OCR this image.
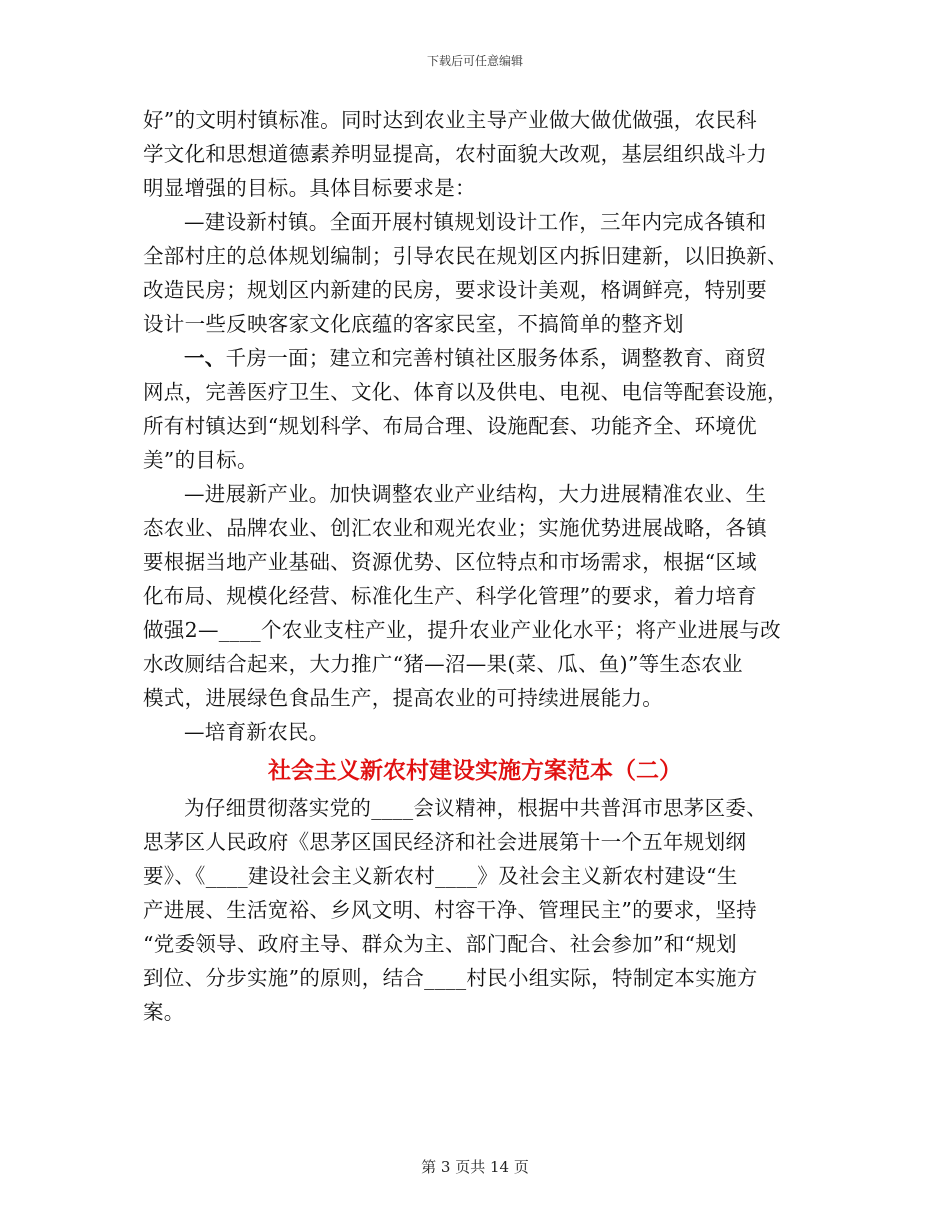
下载后可任意编辑
好”的文明村镇标准。同时达到农业主导产业做大做优做强，农民科
学文化和思想道德素养明显提高，农村面貌大改观，基层组织战斗力
明显增强的目标。具体目标要求是：
—建设新村镇。全面开展村镇规划设计工作，三年内完成各镇和
全部村庄的总体规划编制；引导农民在规划区内拆旧建新，以旧换新、
改造民房；规划区内新建的民房，要求设计美观，格调鲜亮，特别要
设计一些反映客家文化底蕴的客家民室，不搞简单的整齐划
一、千房一面；建立和完善村镇社区服务体系，调整教育、商贸
网点，完善医疗卫生、文化、体育以及供电、电视、电信等配套设施，
所有村镇达到“规划科学、布局合理、设施配套、功能齐全、环境优
美”的目标。
—进展新产业。加快调整农业产业结构，大力进展精准农业、生
态农业、品牌农业、创汇农业和观光农业；实施优势进展战略，各镇
要根据当地产业基础、资源优势、区位特点和市场需求，根据“区域
化布局、规模化经营、标准化生产、科学化管理”的要求，着力培育
做强2—____个农业支柱产业，提升农业产业化水平；将产业进展与改
水改厕结合起来，大力推广“猪—沼—果(菜、瓜、鱼)”等生态农业
模式，进展绿色食品生产，提高农业的可持续进展能力。
—培育新农民。
社会主义新农村建设实施方案范本（二）
为仔细贯彻落实党的____会议精神，根据中共普洱市思茅区委、
思茅区人民政府《思茅区国民经济和社会进展第十一个五年规划纲
要》、《____建设社会主义新农村____》及社会主义新农村建设“生
产进展、生活宽裕、乡风文明、村容干净、管理民主”的要求，坚持
“党委领导、政府主导、群众为主、部门配合、社会参加”和“规划
到位、分步实施”的原则，结合____村民小组实际，特制定本实施方
案。
第 3 页共 14 页
